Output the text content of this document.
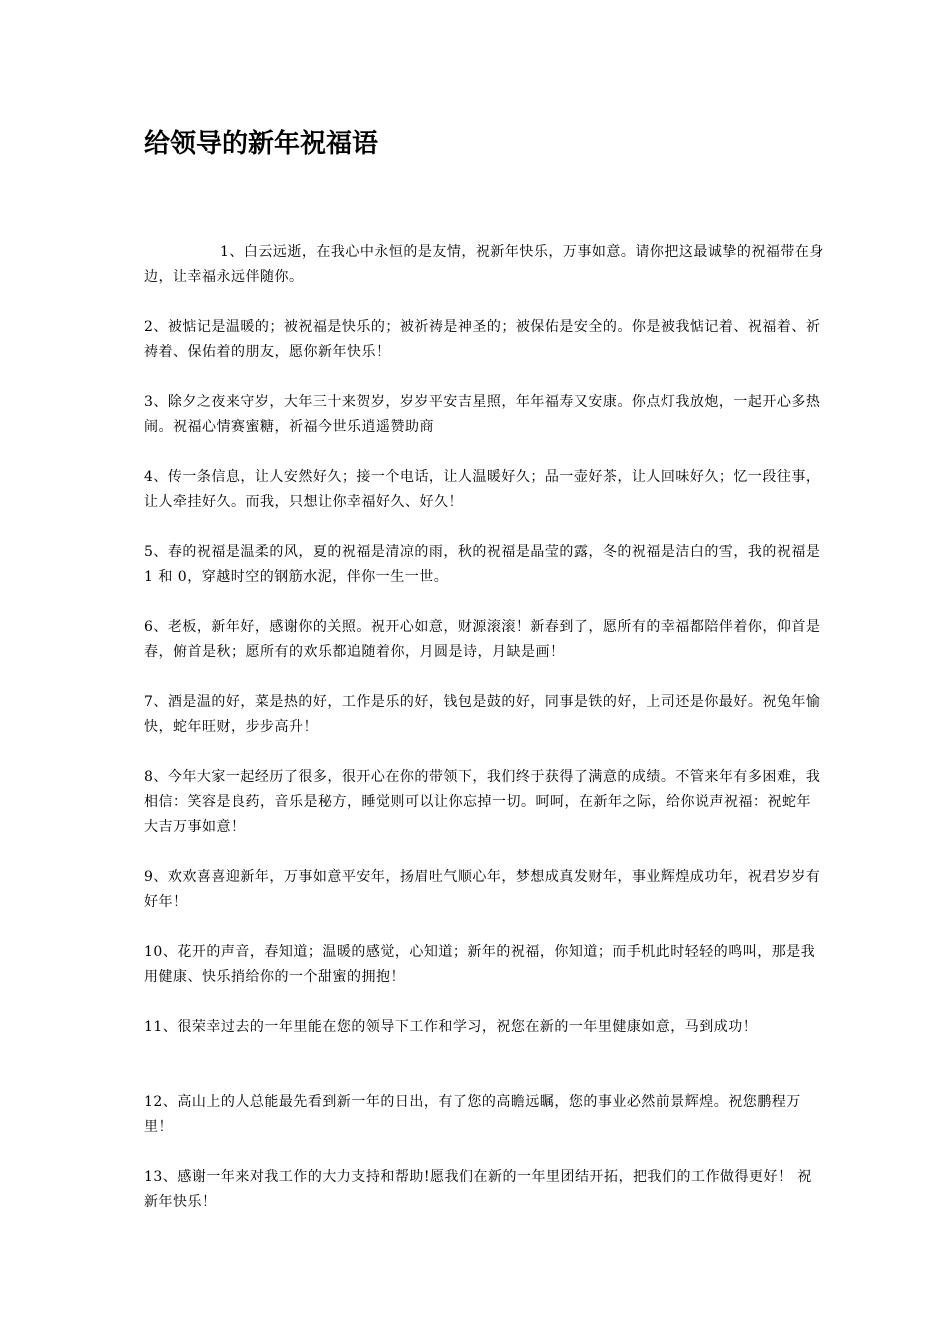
给领导的新年祝福语

1、白云远逝，在我心中永恒的是友情，祝新年快乐，万事如意。请你把这最诚挚的祝福带在身边，让幸福永远伴随你。

2、被惦记是温暖的；被祝福是快乐的；被祈祷是神圣的；被保佑是安全的。你是被我惦记着、祝福着、祈祷着、保佑着的朋友，愿你新年快乐！

3、除夕之夜来守岁，大年三十来贺岁，岁岁平安吉星照，年年福寿又安康。你点灯我放炮，一起开心多热闹。祝福心情赛蜜糖，祈福今世乐逍遥赞助商

4、传一条信息，让人安然好久；接一个电话，让人温暖好久；品一壶好茶，让人回味好久；忆一段往事，让人牵挂好久。而我，只想让你幸福好久、好久！

5、春的祝福是温柔的风，夏的祝福是清凉的雨，秋的祝福是晶莹的露，冬的祝福是洁白的雪，我的祝福是 1 和 0，穿越时空的钢筋水泥，伴你一生一世。

6、老板，新年好，感谢你的关照。祝开心如意，财源滚滚！新春到了，愿所有的幸福都陪伴着你，仰首是春，俯首是秋；愿所有的欢乐都追随着你，月圆是诗，月缺是画！

7、酒是温的好，菜是热的好，工作是乐的好，钱包是鼓的好，同事是铁的好，上司还是你最好。祝兔年愉快，蛇年旺财，步步高升！

8、今年大家一起经历了很多，很开心在你的带领下，我们终于获得了满意的成绩。不管来年有多困难，我相信：笑容是良药，音乐是秘方，睡觉则可以让你忘掉一切。呵呵，在新年之际，给你说声祝福：祝蛇年大吉万事如意！

9、欢欢喜喜迎新年，万事如意平安年，扬眉吐气顺心年，梦想成真发财年，事业辉煌成功年，祝君岁岁有好年！

10、花开的声音，春知道；温暖的感觉，心知道；新年的祝福，你知道；而手机此时轻轻的鸣叫，那是我用健康、快乐捎给你的一个甜蜜的拥抱！

11、很荣幸过去的一年里能在您的领导下工作和学习，祝您在新的一年里健康如意，马到成功！

12、高山上的人总能最先看到新一年的日出，有了您的高瞻远瞩，您的事业必然前景辉煌。祝您鹏程万里！

13、感谢一年来对我工作的大力支持和帮助!愿我们在新的一年里团结开拓，把我们的工作做得更好！ 祝新年快乐！
